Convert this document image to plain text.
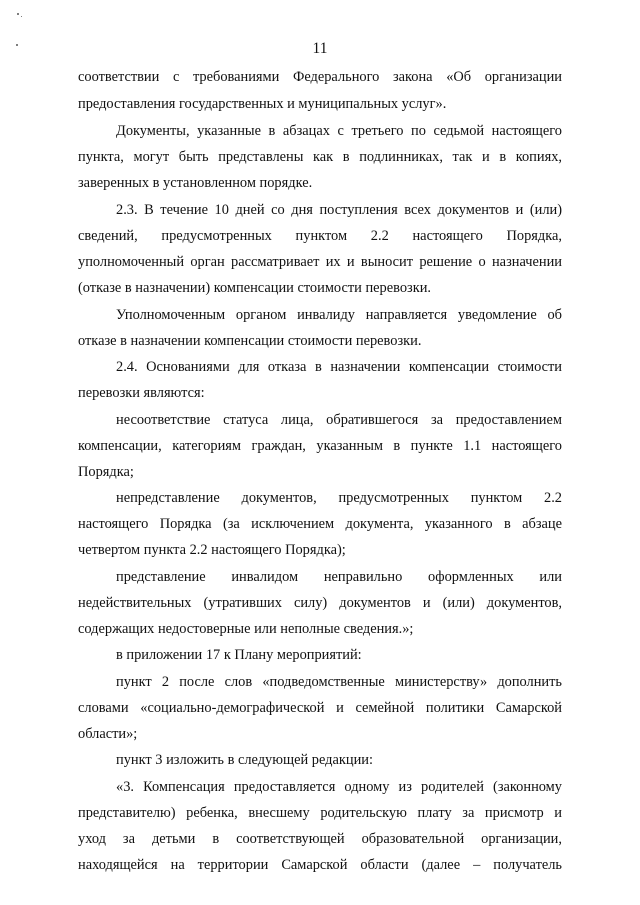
11
соответствии с требованиями Федерального закона «Об организации
предоставления государственных и муниципальных услуг».
Документы, указанные в абзацах с третьего по седьмой настоящего
пункта, могут быть представлены как в подлинниках, так и в копиях,
заверенных в установленном порядке.
2.3. В течение 10 дней со дня поступления всех документов и (или)
сведений, предусмотренных пунктом 2.2 настоящего Порядка,
уполномоченный орган рассматривает их и выносит решение о назначении
(отказе в назначении) компенсации стоимости перевозки.
Уполномоченным органом инвалиду направляется уведомление об
отказе в назначении компенсации стоимости перевозки.
2.4. Основаниями для отказа в назначении компенсации стоимости
перевозки являются:
несоответствие статуса лица, обратившегося за предоставлением
компенсации, категориям граждан, указанным в пункте 1.1 настоящего
Порядка;
непредставление документов, предусмотренных пунктом 2.2
настоящего Порядка (за исключением документа, указанного в абзаце
четвертом пункта 2.2 настоящего Порядка);
представление инвалидом неправильно оформленных или
недействительных (утративших силу) документов и (или) документов,
содержащих недостоверные или неполные сведения.»;
в приложении 17 к Плану мероприятий:
пункт 2 после слов «подведомственные министерству» дополнить
словами «социально-демографической и семейной политики Самарской
области»;
пункт 3 изложить в следующей редакции:
«3. Компенсация предоставляется одному из родителей (законному
представителю) ребенка, внесшему родительскую плату за присмотр и
уход за детьми в соответствующей образовательной организации,
находящейся на территории Самарской области (далее – получатель
